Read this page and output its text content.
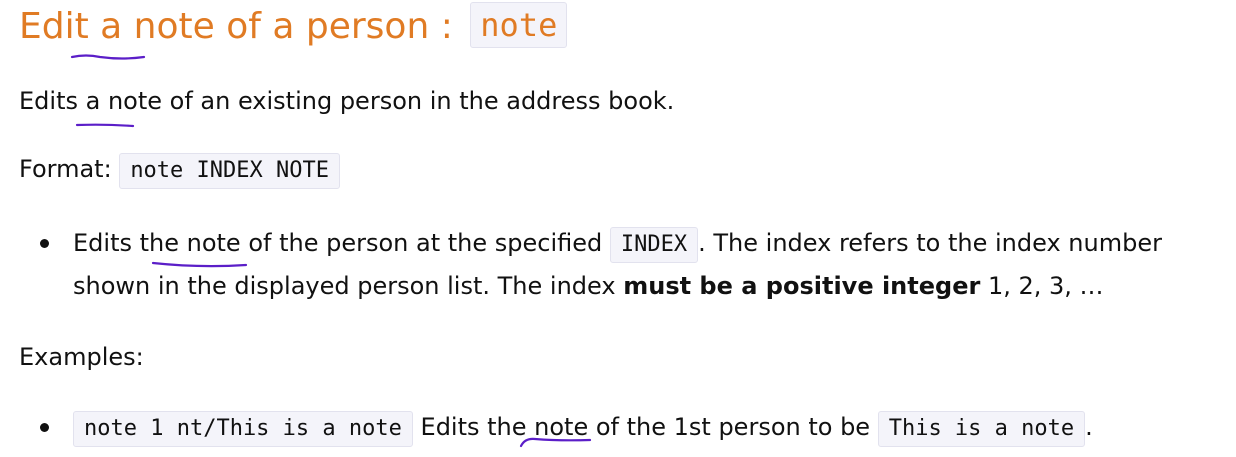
Edit a note of a person : note

Edits a note of an existing person in the address book.

Format: note INDEX NOTE

Edits the note of the person at the specified INDEX . The index refers to the index number

shown in the displayed person list. The index must be a positive integer 1, 2, 3, …

Examples:

note 1 nt/This is a note Edits the note of the 1st person to be This is a note .
